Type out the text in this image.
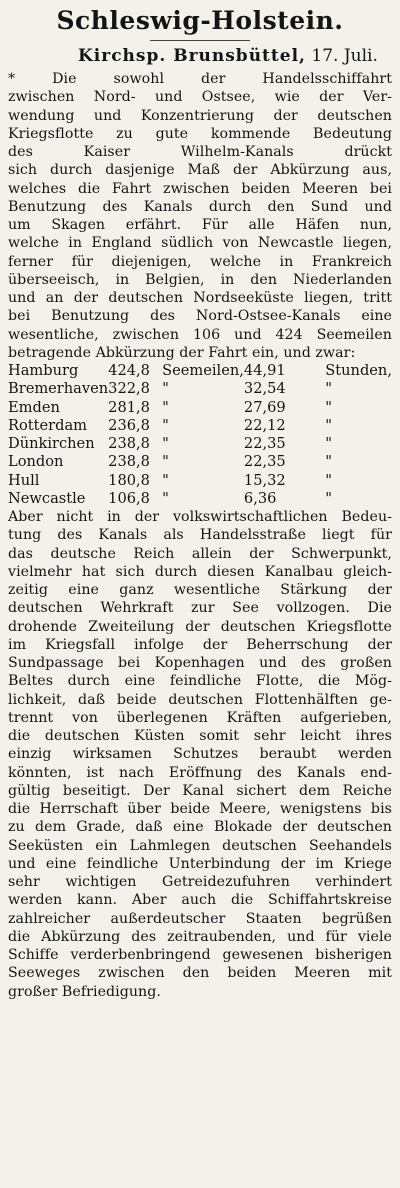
Schleswig-Holstein.
Kirchsp. Brunsbüttel, 17. Juli.
* Die sowohl der Handelsschiffahrt
zwischen Nord- und Ostsee, wie der Ver-
wendung und Konzentrierung der deutschen
Kriegsflotte zu gute kommende Bedeutung
des Kaiser Wilhelm-Kanals drückt
sich durch dasjenige Maß der Abkürzung aus,
welches die Fahrt zwischen beiden Meeren bei
Benutzung des Kanals durch den Sund und
um Skagen erfährt. Für alle Häfen nun,
welche in England südlich von Newcastle liegen,
ferner für diejenigen, welche in Frankreich
überseeisch, in Belgien, in den Niederlanden
und an der deutschen Nordseeküste liegen, tritt
bei Benutzung des Nord-Ostsee-Kanals eine
wesentliche, zwischen 106 und 424 Seemeilen
betragende Abkürzung der Fahrt ein, und zwar:
Hamburg	424,8	Seemeilen,	44,91	Stunden,
Bremerhaven	322,8	"	32,54	"
Emden	281,8	"	27,69	"
Rotterdam	236,8	"	22,12	"
Dünkirchen	238,8	"	22,35	"
London	238,8	"	22,35	"
Hull	180,8	"	15,32	"
Newcastle	106,8	"	6,36	"
Aber nicht in der volkswirtschaftlichen Bedeu-
tung des Kanals als Handelsstraße liegt für
das deutsche Reich allein der Schwerpunkt,
vielmehr hat sich durch diesen Kanalbau gleich-
zeitig eine ganz wesentliche Stärkung der
deutschen Wehrkraft zur See vollzogen. Die
drohende Zweiteilung der deutschen Kriegsflotte
im Kriegsfall infolge der Beherrschung der
Sundpassage bei Kopenhagen und des großen
Beltes durch eine feindliche Flotte, die Mög-
lichkeit, daß beide deutschen Flottenhälften ge-
trennt von überlegenen Kräften aufgerieben,
die deutschen Küsten somit sehr leicht ihres
einzig wirksamen Schutzes beraubt werden
könnten, ist nach Eröffnung des Kanals end-
gültig beseitigt. Der Kanal sichert dem Reiche
die Herrschaft über beide Meere, wenigstens bis
zu dem Grade, daß eine Blokade der deutschen
Seeküsten ein Lahmlegen deutschen Seehandels
und eine feindliche Unterbindung der im Kriege
sehr wichtigen Getreidezufuhren verhindert
werden kann. Aber auch die Schiffahrtskreise
zahlreicher außerdeutscher Staaten begrüßen
die Abkürzung des zeitraubenden, und für viele
Schiffe verderbenbringend gewesenen bisherigen
Seeweges zwischen den beiden Meeren mit
großer Befriedigung.
